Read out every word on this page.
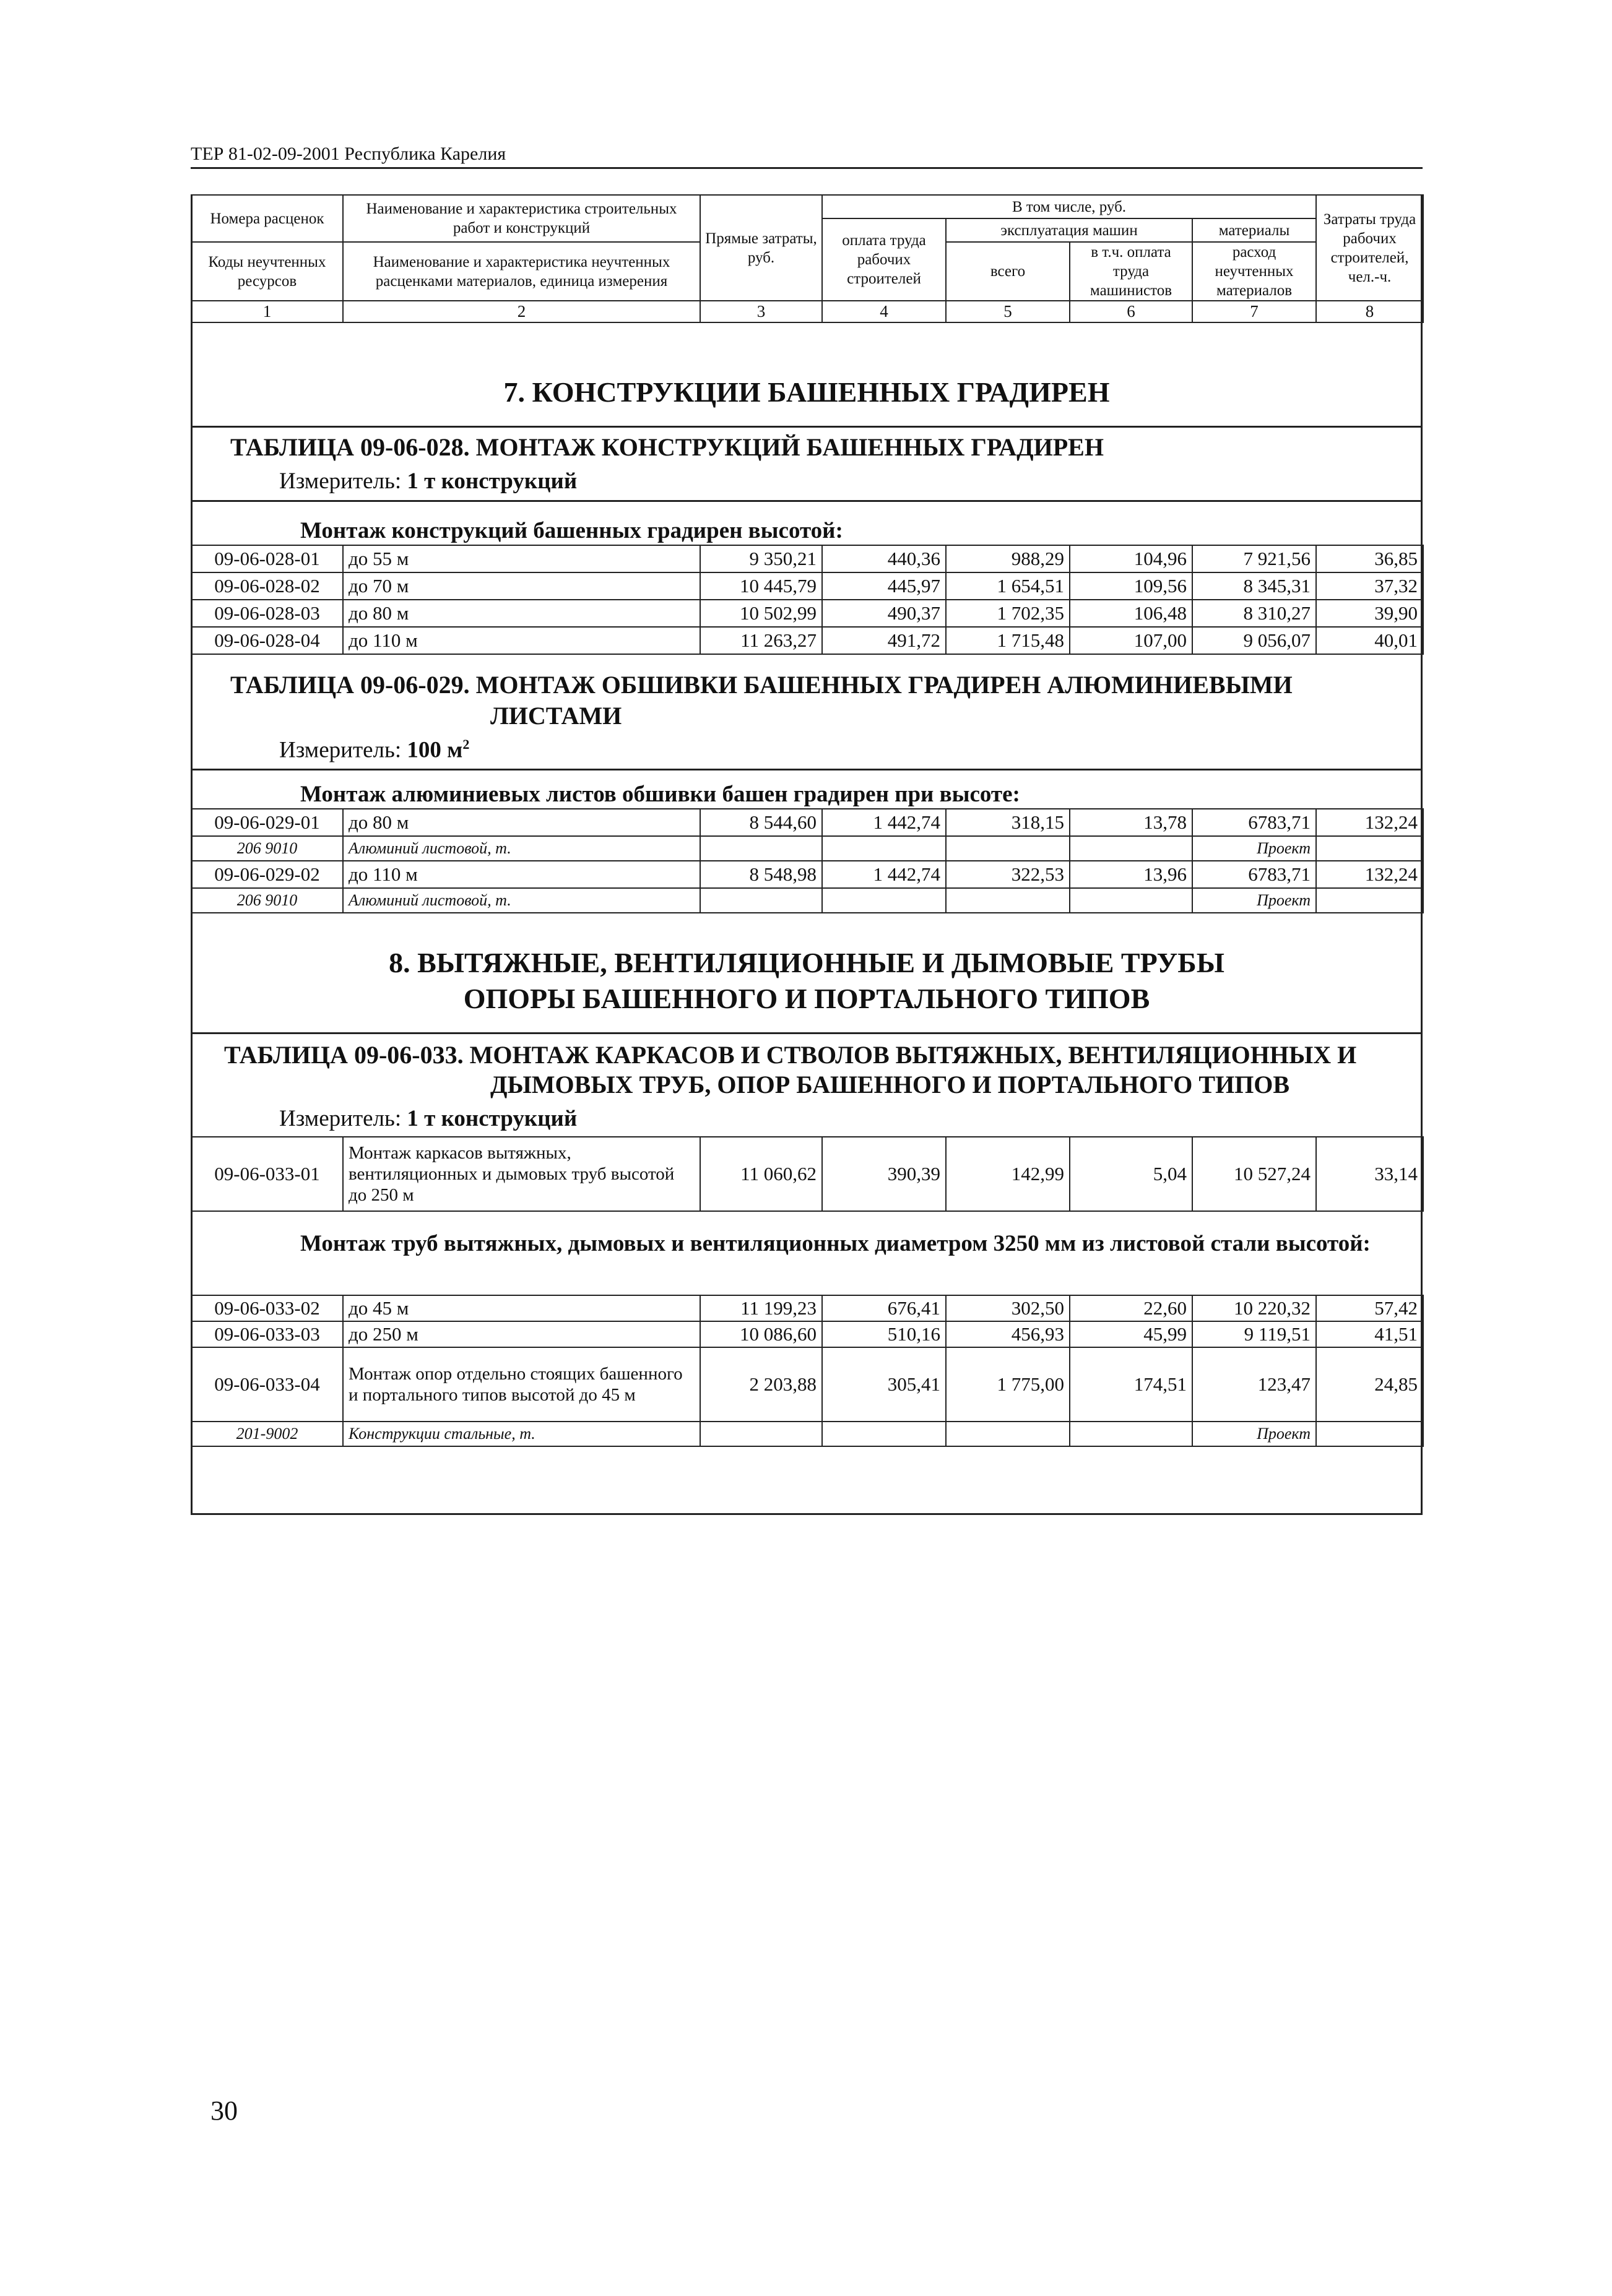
ТЕР 81-02-09-2001 Республика Карелия
Номера расценок	Наименование и характеристика строительных работ и конструкций	Прямые затраты, руб.	В том числе, руб.				Затраты труда рабочих строителей, чел.-ч.
			оплата труда рабочих строителей	эксплуатация машин		материалы	
Коды неучтенных ресурсов	Наименование и характеристика неучтенных расценками материалов, единица измерения			всего	в т.ч. оплата труда машинистов	расход неучтенных материалов	

1	2	3	4	5	6	7	8
7. КОНСТРУКЦИИ БАШЕННЫХ ГРАДИРЕН
ТАБЛИЦА 09-06-028. МОНТАЖ КОНСТРУКЦИЙ БАШЕННЫХ ГРАДИРЕН
Измеритель: 1 т конструкций
Монтаж конструкций башенных градирен высотой:
09-06-028-01	до 55 м	9 350,21	440,36	988,29	104,96	7 921,56	36,85
09-06-028-02	до 70 м	10 445,79	445,97	1 654,51	109,56	8 345,31	37,32
09-06-028-03	до 80 м	10 502,99	490,37	1 702,35	106,48	8 310,27	39,90
09-06-028-04	до 110 м	11 263,27	491,72	1 715,48	107,00	9 056,07	40,01
ТАБЛИЦА 09-06-029. МОНТАЖ ОБШИВКИ БАШЕННЫХ ГРАДИРЕН АЛЮМИНИЕВЫМИ
ЛИСТАМИ
Измеритель: 100 $м^2$
Монтаж алюминиевых листов обшивки башен градирен при высоте:
09-06-029-01	до 80 м	8 544,60	1 442,74	318,15	13,78	6783,71	132,24
206 9010	Алюминий листовой, т.					Проект	
09-06-029-02	до 110 м	8 548,98	1 442,74	322,53	13,96	6783,71	132,24
206 9010	Алюминий листовой, т.					Проект	
8. ВЫТЯЖНЫЕ, ВЕНТИЛЯЦИОННЫЕ И ДЫМОВЫЕ ТРУБЫ
ОПОРЫ БАШЕННОГО И ПОРТАЛЬНОГО ТИПОВ
ТАБЛИЦА 09-06-033. МОНТАЖ КАРКАСОВ И СТВОЛОВ ВЫТЯЖНЫХ, ВЕНТИЛЯЦИОННЫХ И
ДЫМОВЫХ ТРУБ, ОПОР БАШЕННОГО И ПОРТАЛЬНОГО ТИПОВ
Измеритель: 1 т конструкций
09-06-033-01	Монтаж каркасов вытяжных, вентиляционных и дымовых труб высотой до 250 м	11 060,62	390,39	142,99	5,04	10 527,24	33,14
Монтаж труб вытяжных, дымовых и вентиляционных диаметром 3250 мм из листовой стали высотой:
09-06-033-02	до 45 м	11 199,23	676,41	302,50	22,60	10 220,32	57,42
09-06-033-03	до 250 м	10 086,60	510,16	456,93	45,99	9 119,51	41,51
09-06-033-04	Монтаж опор отдельно стоящих башенного и портального типов высотой до 45 м	2 203,88	305,41	1 775,00	174,51	123,47	24,85
201-9002	Конструкции стальные, т.					Проект	
30
